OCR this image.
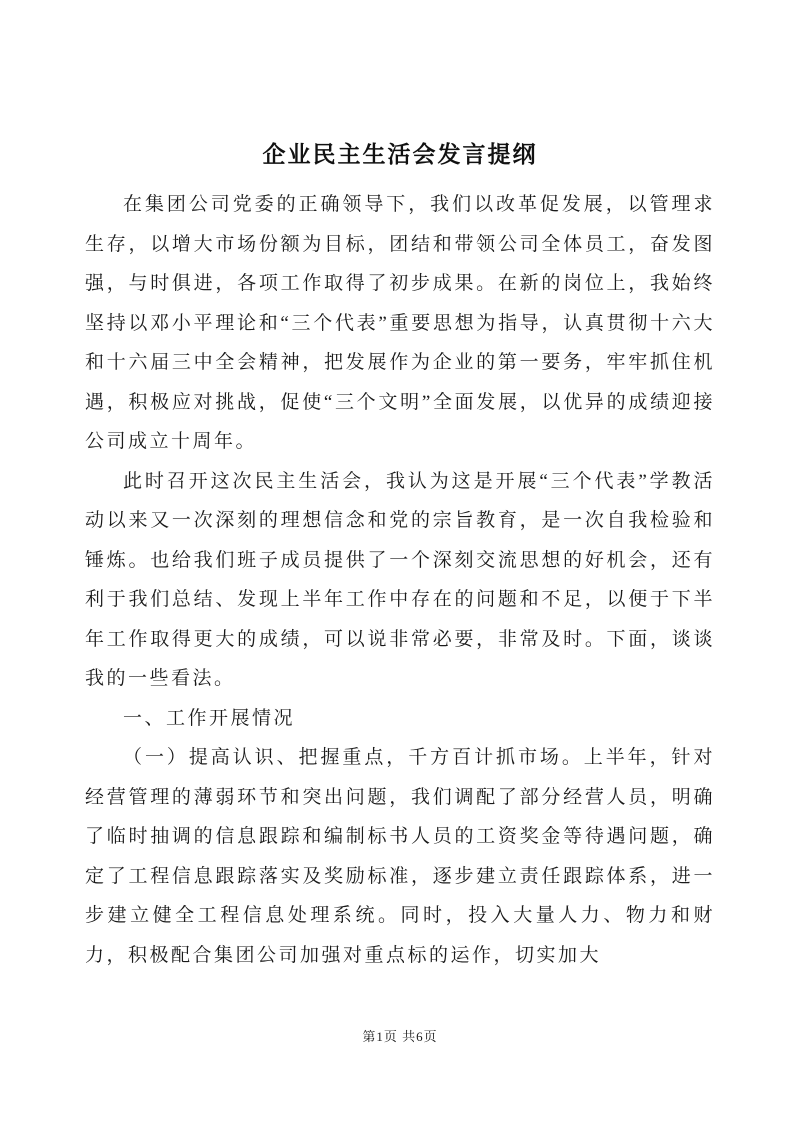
企业民主生活会发言提纲

在集团公司党委的正确领导下，我们以改革促发展，以管理求生存，以增大市场份额为目标，团结和带领公司全体员工，奋发图强，与时俱进，各项工作取得了初步成果。在新的岗位上，我始终坚持以邓小平理论和“三个代表”重要思想为指导，认真贯彻十六大和十六届三中全会精神，把发展作为企业的第一要务，牢牢抓住机遇，积极应对挑战，促使“三个文明”全面发展，以优异的成绩迎接公司成立十周年。

此时召开这次民主生活会，我认为这是开展“三个代表”学教活动以来又一次深刻的理想信念和党的宗旨教育，是一次自我检验和锤炼。也给我们班子成员提供了一个深刻交流思想的好机会，还有利于我们总结、发现上半年工作中存在的问题和不足，以便于下半年工作取得更大的成绩，可以说非常必要，非常及时。下面，谈谈我的一些看法。

一、工作开展情况

（一）提高认识、把握重点，千方百计抓市场。上半年，针对经营管理的薄弱环节和突出问题，我们调配了部分经营人员，明确了临时抽调的信息跟踪和编制标书人员的工资奖金等待遇问题，确定了工程信息跟踪落实及奖励标准，逐步建立责任跟踪体系，进一步建立健全工程信息处理系统。同时，投入大量人力、物力和财力，积极配合集团公司加强对重点标的运作，切实加大

第1页 共6页
